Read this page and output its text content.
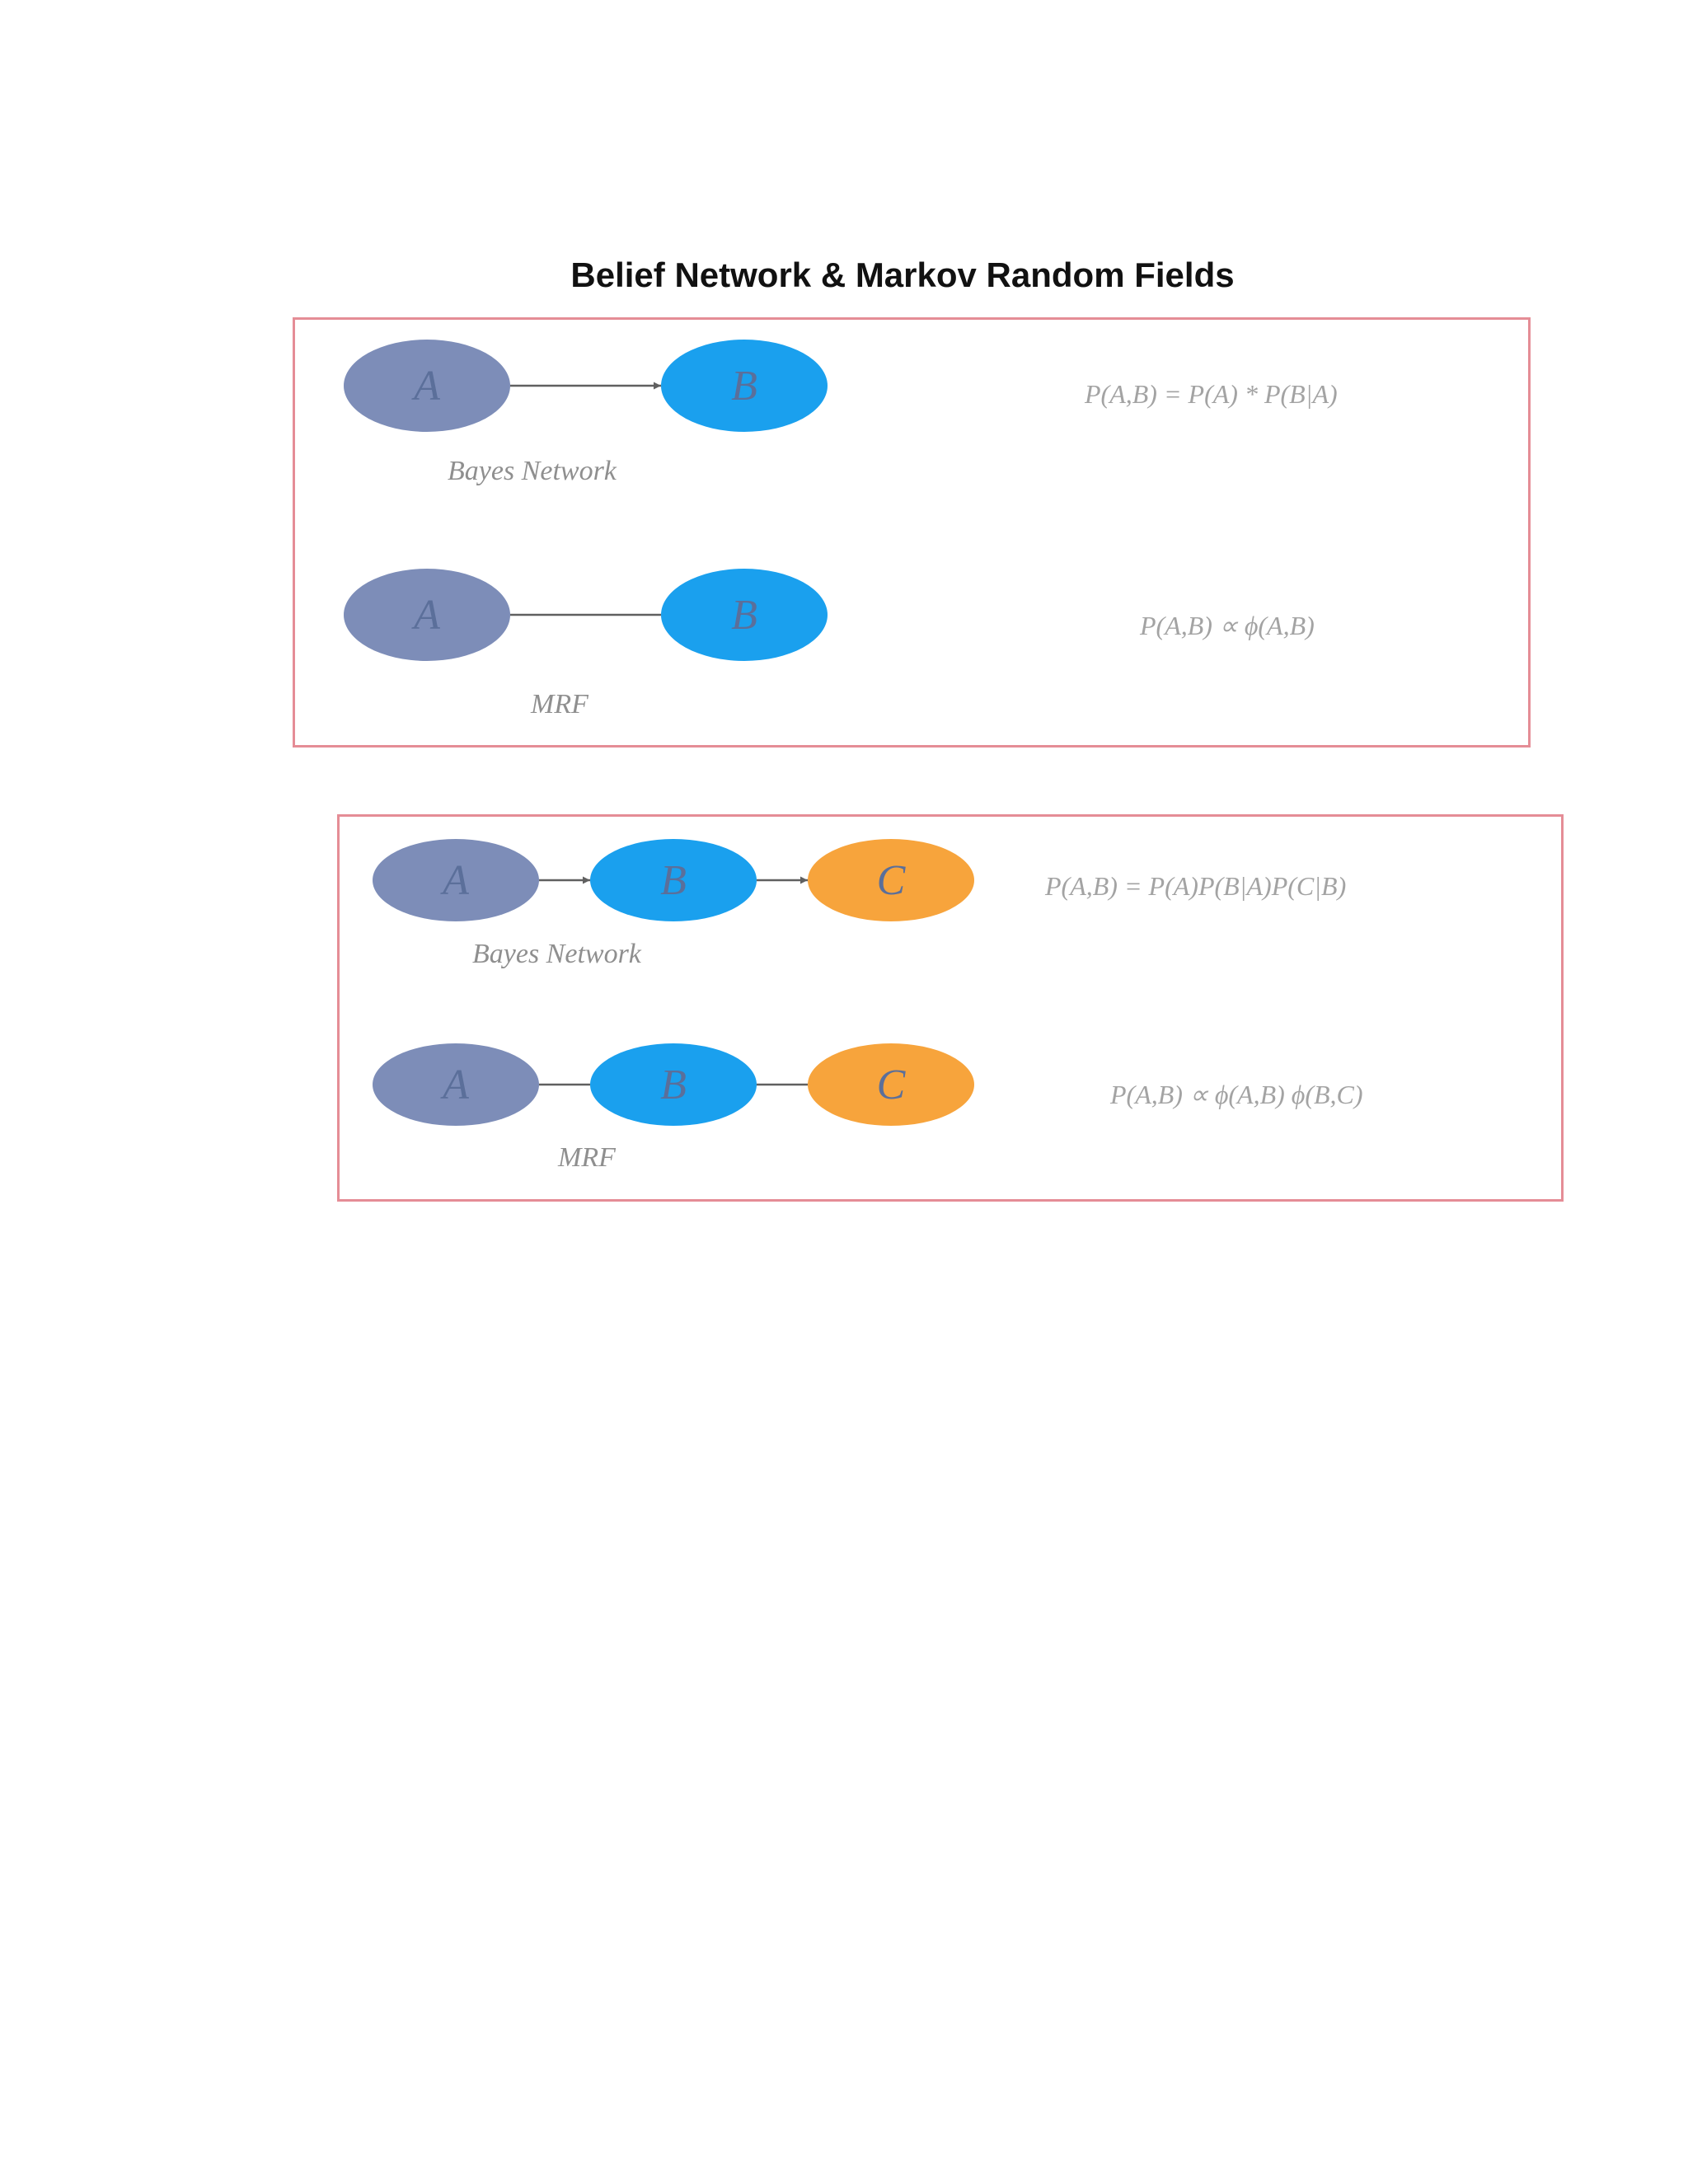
Belief Network & Markov Random Fields
A	B
A	B
Bayes Network
P(A,B) = P(A) * P(B|A)
MRF
P(A,B) ∝ ϕ(A,B)
A	B	C
A	B	C
Bayes Network
P(A,B) = P(A)P(B|A)P(C|B)
MRF
P(A,B) ∝ ϕ(A,B) ϕ(B,C)
